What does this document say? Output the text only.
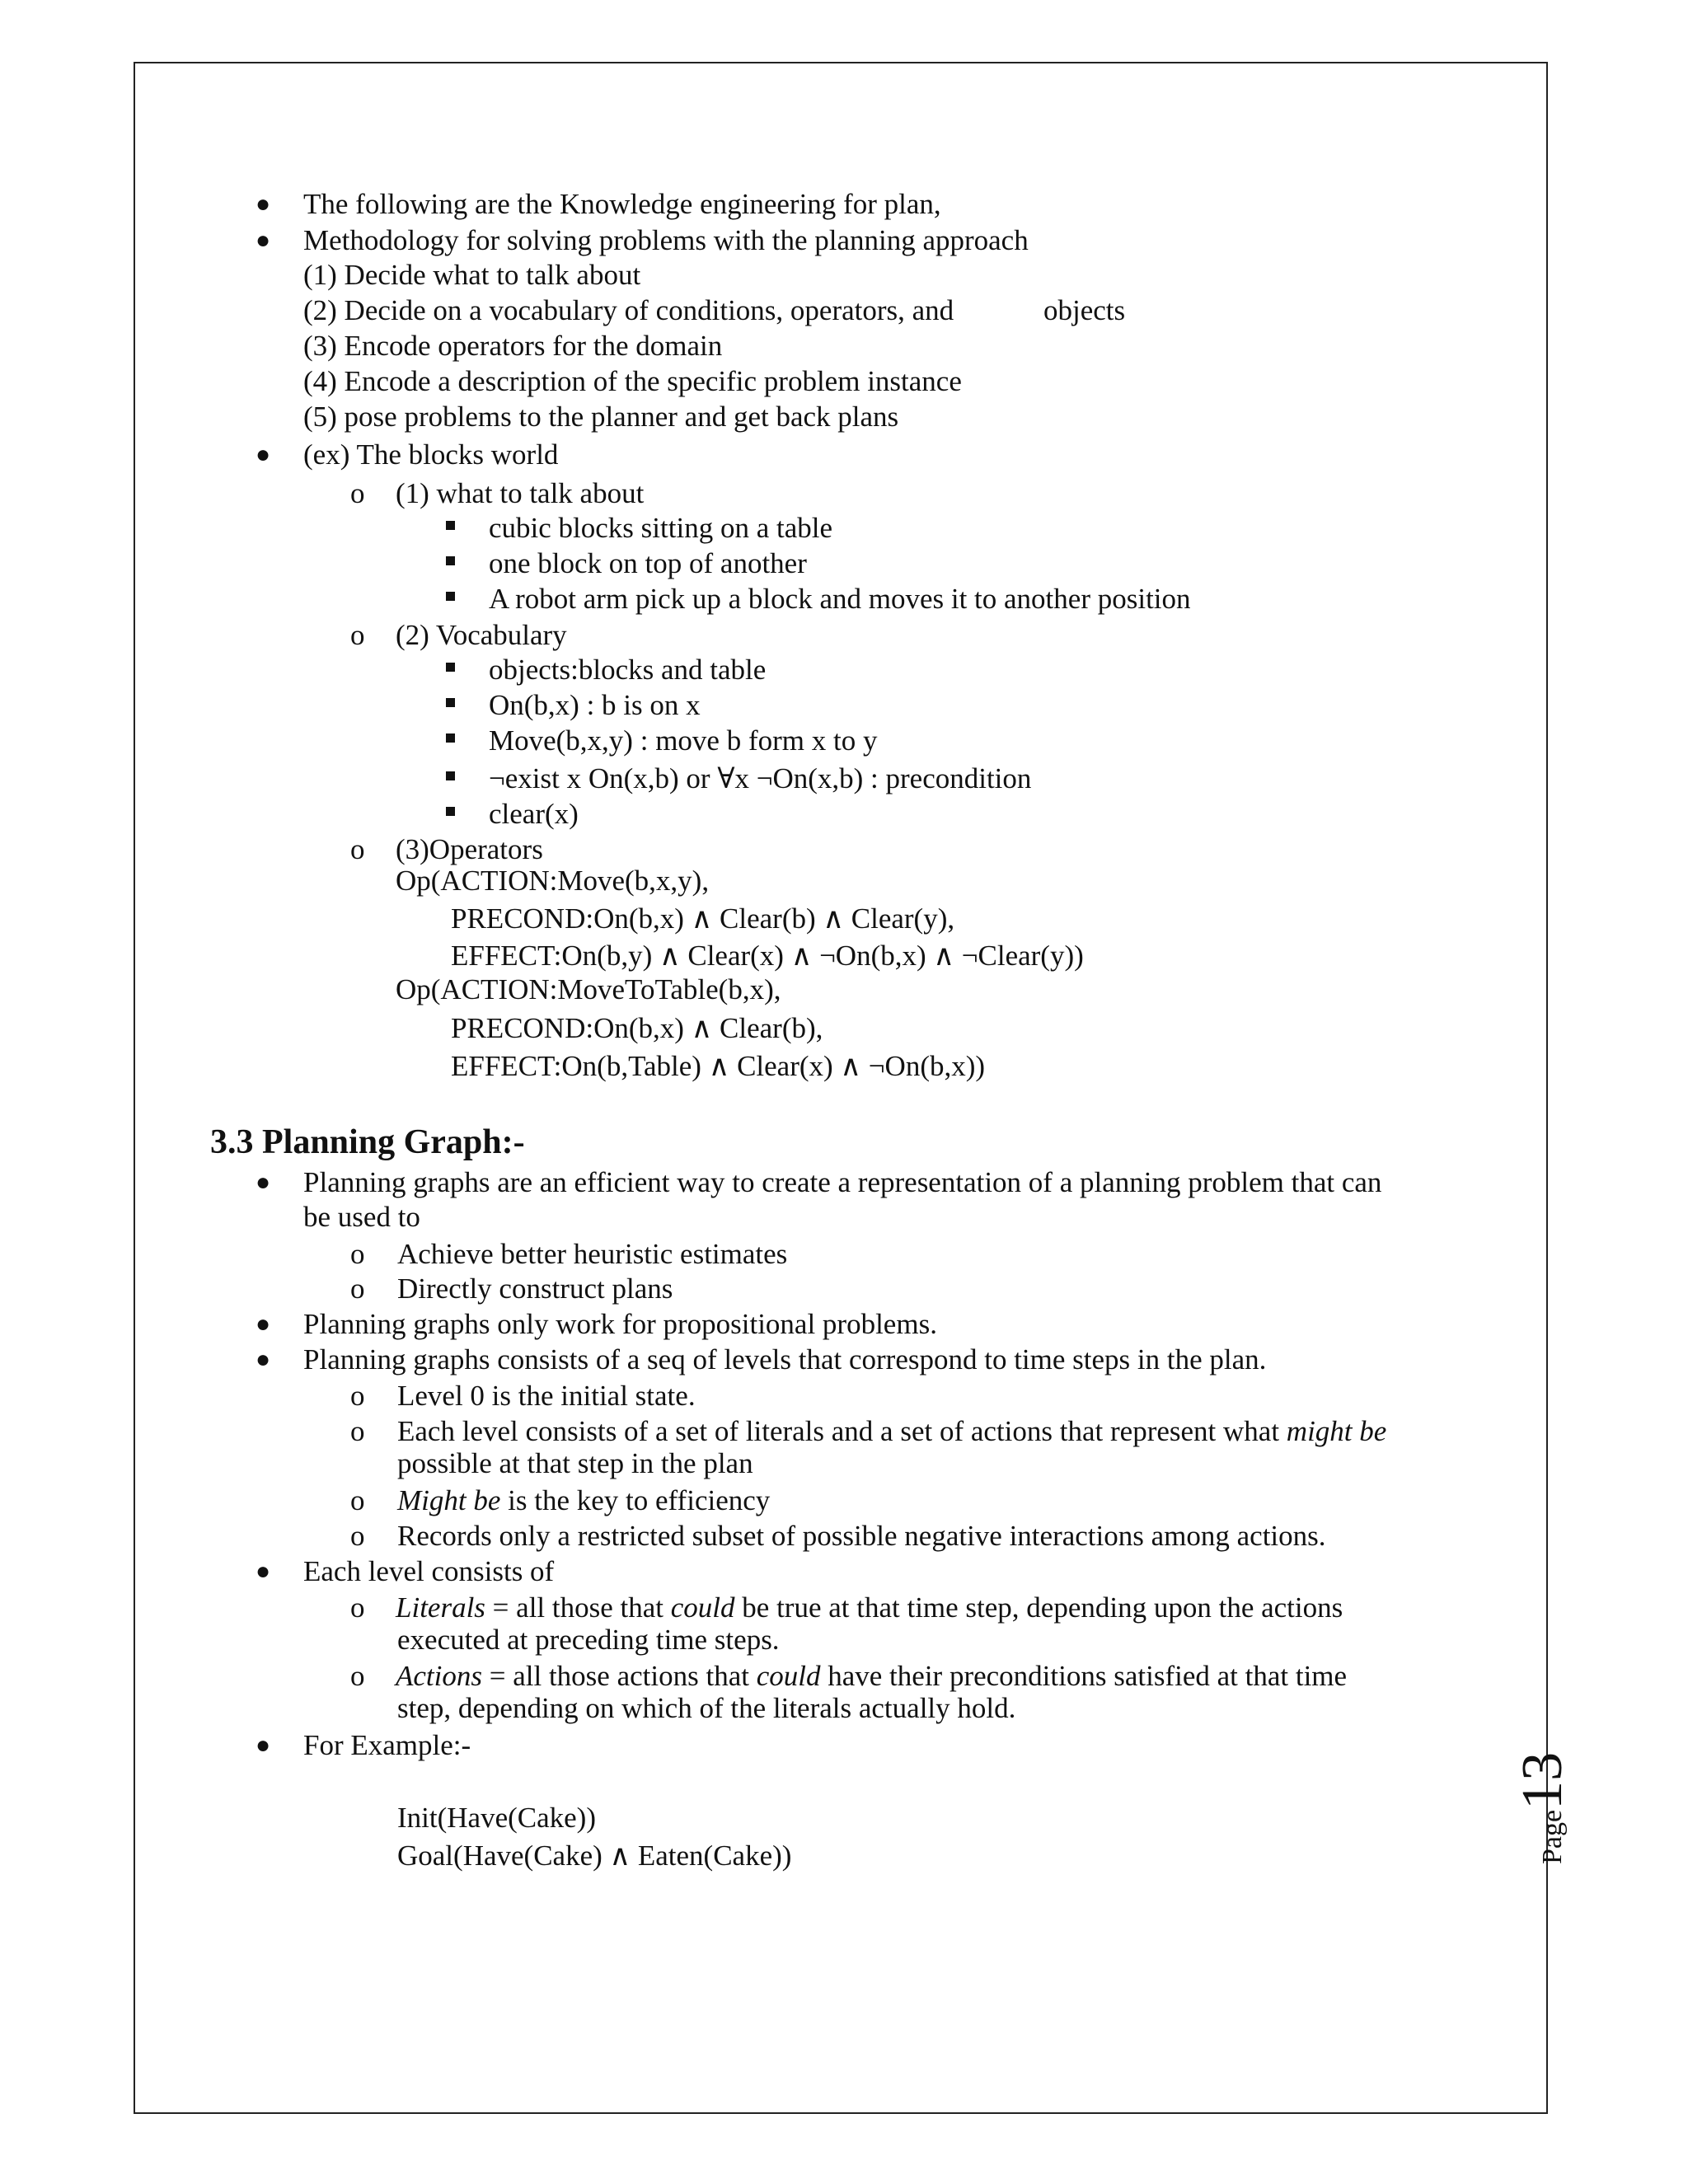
● The following are the Knowledge engineering for plan,
● Methodology for solving problems with the planning approach
(1) Decide what to talk about
(2) Decide on a vocabulary of conditions, operators, and	objects
(3) Encode operators for the domain
(4) Encode a description of the specific problem instance
(5) pose problems to the planner and get back plans
● (ex) The blocks world
o (1) what to talk about
cubic blocks sitting on a table
one block on top of another
A robot arm pick up a block and moves it to another position
o (2) Vocabulary
objects:blocks and table
On(b,x) : b is on x
Move(b,x,y) : move b form x to y
¬exist x On(x,b) or ∀x ¬On(x,b) : precondition
clear(x)
o (3)Operators
Op(ACTION:Move(b,x,y),
PRECOND:On(b,x) ∧ Clear(b) ∧ Clear(y),
EFFECT:On(b,y) ∧ Clear(x) ∧ ¬On(b,x) ∧ ¬Clear(y))
Op(ACTION:MoveToTable(b,x),
PRECOND:On(b,x) ∧ Clear(b),
EFFECT:On(b,Table) ∧ Clear(x) ∧ ¬On(b,x))
3.3 Planning Graph:-
● Planning graphs are an efficient way to create a representation of a planning problem that can
be used to
o Achieve better heuristic estimates
o Directly construct plans
● Planning graphs only work for propositional problems.
● Planning graphs consists of a seq of levels that correspond to time steps in the plan.
o Level 0 is the initial state.
o Each level consists of a set of literals and a set of actions that represent what might be
possible at that step in the plan
o Might be is the key to efficiency
o Records only a restricted subset of possible negative interactions among actions.
● Each level consists of
o Literals = all those that could be true at that time step, depending upon the actions
executed at preceding time steps.
o Actions = all those actions that could have their preconditions satisfied at that time
step, depending on which of the literals actually hold.
● For Example:-
Init(Have(Cake))
Goal(Have(Cake) ∧ Eaten(Cake))	Page13
